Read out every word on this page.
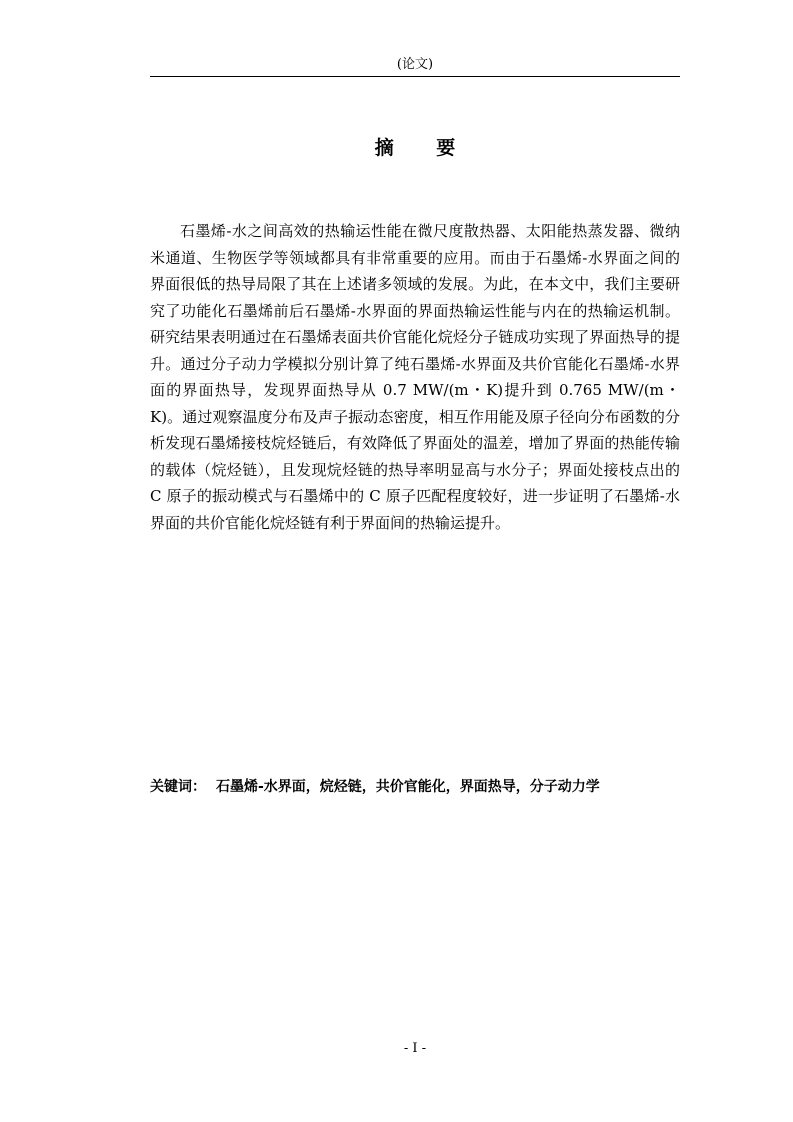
(论文)
摘 要

石墨烯-水之间高效的热输运性能在微尺度散热器、太阳能热蒸发器、微纳米通道、生物医学等领域都具有非常重要的应用。而由于石墨烯-水界面之间的界面很低的热导局限了其在上述诸多领域的发展。为此，在本文中，我们主要研究了功能化石墨烯前后石墨烯-水界面的界面热输运性能与内在的热输运机制。研究结果表明通过在石墨烯表面共价官能化烷烃分子链成功实现了界面热导的提升。通过分子动力学模拟分别计算了纯石墨烯-水界面及共价官能化石墨烯-水界面的界面热导，发现界面热导从 0.7 MW/(m・K)提升到 0.765 MW/(m・K)。通过观察温度分布及声子振动态密度，相互作用能及原子径向分布函数的分析发现石墨烯接枝烷烃链后，有效降低了界面处的温差，增加了界面的热能传输的载体（烷烃链），且发现烷烃链的热导率明显高与水分子；界面处接枝点出的 C 原子的振动模式与石墨烯中的 C 原子匹配程度较好，进一步证明了石墨烯-水界面的共价官能化烷烃链有利于界面间的热输运提升。

关键词： 石墨烯-水界面，烷烃链，共价官能化，界面热导，分子动力学

- I -
